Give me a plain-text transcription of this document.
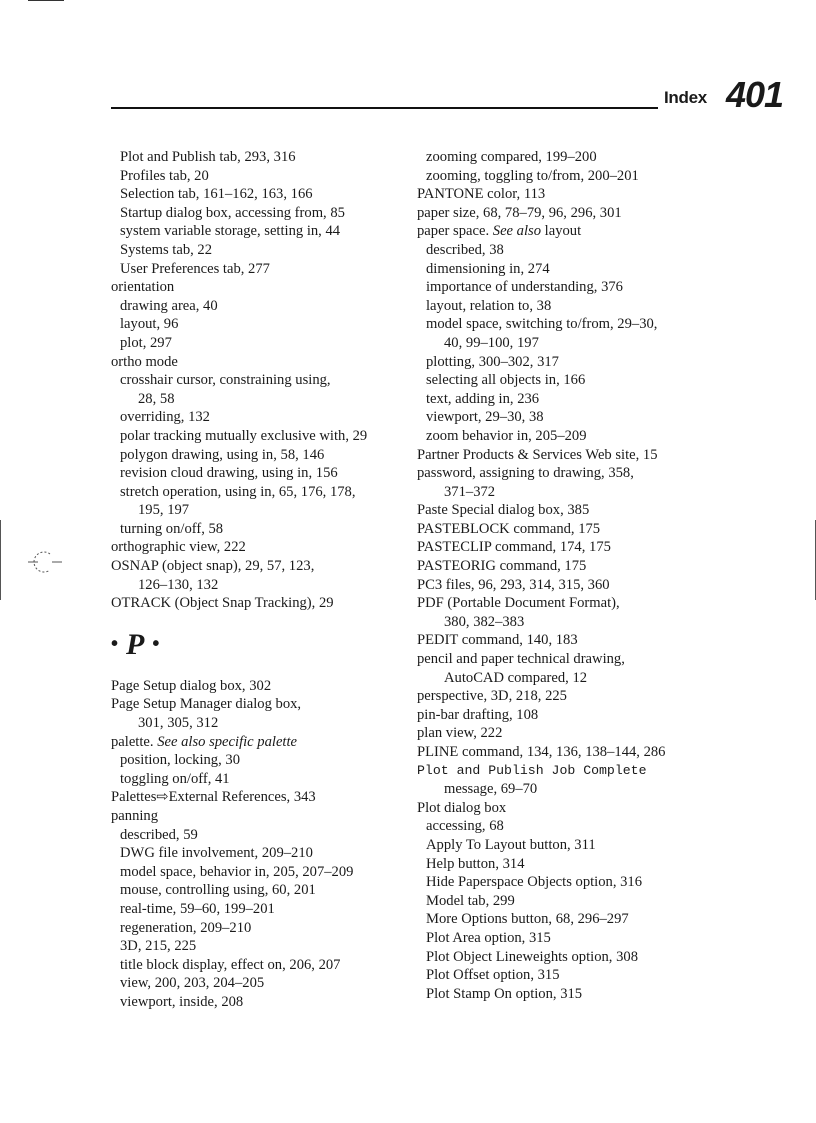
Index 401
Plot and Publish tab, 293, 316
Profiles tab, 20
Selection tab, 161–162, 163, 166
Startup dialog box, accessing from, 85
system variable storage, setting in, 44
Systems tab, 22
User Preferences tab, 277
orientation
drawing area, 40
layout, 96
plot, 297
ortho mode
crosshair cursor, constraining using,
28, 58
overriding, 132
polar tracking mutually exclusive with, 29
polygon drawing, using in, 58, 146
revision cloud drawing, using in, 156
stretch operation, using in, 65, 176, 178,
195, 197
turning on/off, 58
orthographic view, 222
OSNAP (object snap), 29, 57, 123,
126–130, 132
OTRACK (Object Snap Tracking), 29
• P •
Page Setup dialog box, 302
Page Setup Manager dialog box,
301, 305, 312
palette. See also specific palette
position, locking, 30
toggling on/off, 41
Palettes⇨External References, 343
panning
described, 59
DWG file involvement, 209–210
model space, behavior in, 205, 207–209
mouse, controlling using, 60, 201
real-time, 59–60, 199–201
regeneration, 209–210
3D, 215, 225
title block display, effect on, 206, 207
view, 200, 203, 204–205
viewport, inside, 208
zooming compared, 199–200
zooming, toggling to/from, 200–201
PANTONE color, 113
paper size, 68, 78–79, 96, 296, 301
paper space. See also layout
described, 38
dimensioning in, 274
importance of understanding, 376
layout, relation to, 38
model space, switching to/from, 29–30,
40, 99–100, 197
plotting, 300–302, 317
selecting all objects in, 166
text, adding in, 236
viewport, 29–30, 38
zoom behavior in, 205–209
Partner Products & Services Web site, 15
password, assigning to drawing, 358,
371–372
Paste Special dialog box, 385
PASTEBLOCK command, 175
PASTECLIP command, 174, 175
PASTEORIG command, 175
PC3 files, 96, 293, 314, 315, 360
PDF (Portable Document Format),
380, 382–383
PEDIT command, 140, 183
pencil and paper technical drawing,
AutoCAD compared, 12
perspective, 3D, 218, 225
pin-bar drafting, 108
plan view, 222
PLINE command, 134, 136, 138–144, 286
Plot and Publish Job Complete
message, 69–70
Plot dialog box
accessing, 68
Apply To Layout button, 311
Help button, 314
Hide Paperspace Objects option, 316
Model tab, 299
More Options button, 68, 296–297
Plot Area option, 315
Plot Object Lineweights option, 308
Plot Offset option, 315
Plot Stamp On option, 315
